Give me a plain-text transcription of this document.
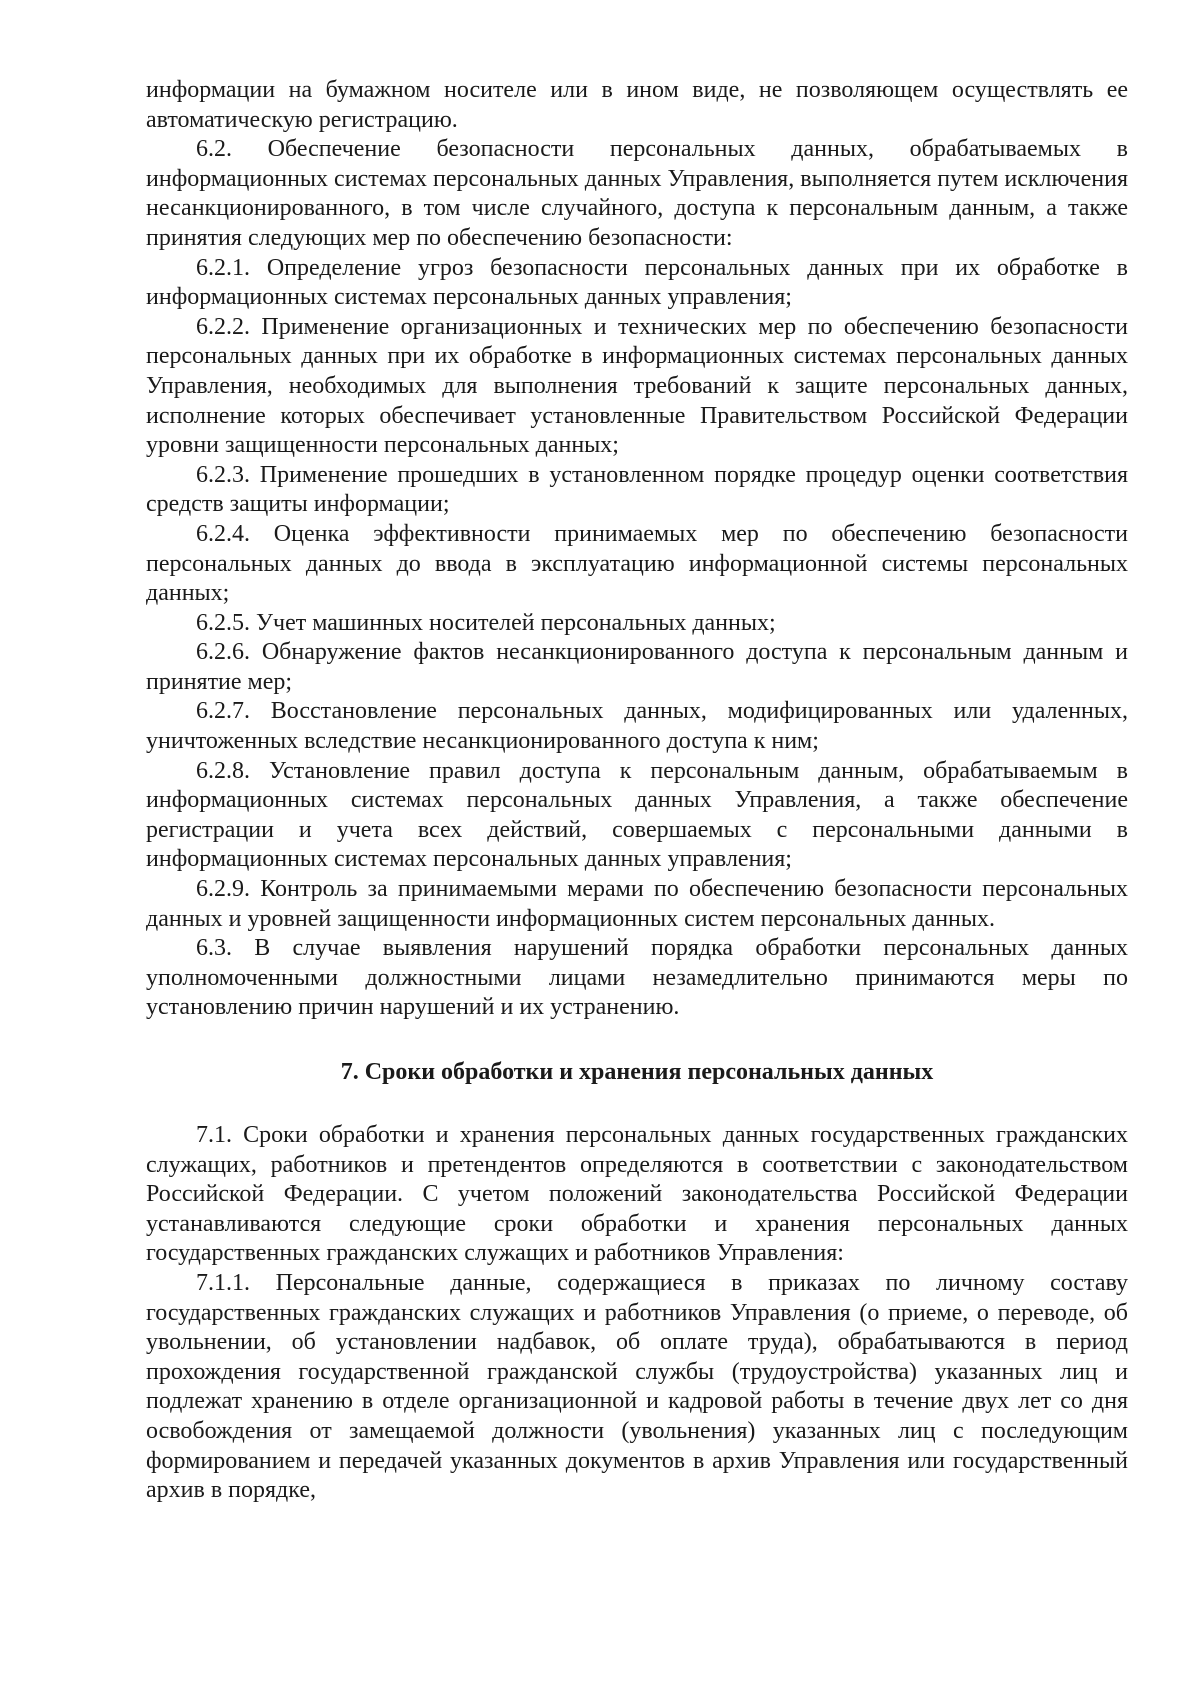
информации на бумажном носителе или в ином виде, не позволяющем осуществлять ее автоматическую регистрацию.

6.2. Обеспечение безопасности персональных данных, обрабатываемых в информационных системах персональных данных Управления, выполняется путем исключения несанкционированного, в том числе случайного, доступа к персональным данным, а также принятия следующих мер по обеспечению безопасности:

6.2.1. Определение угроз безопасности персональных данных при их обработке в информационных системах персональных данных управления;

6.2.2. Применение организационных и технических мер по обеспечению безопасности персональных данных при их обработке в информационных системах персональных данных Управления, необходимых для выполнения требований к защите персональных данных, исполнение которых обеспечивает установленные Правительством Российской Федерации уровни защищенности персональных данных;

6.2.3. Применение прошедших в установленном порядке процедур оценки соответствия средств защиты информации;

6.2.4. Оценка эффективности принимаемых мер по обеспечению безопасности персональных данных до ввода в эксплуатацию информационной системы персональных данных;

6.2.5. Учет машинных носителей персональных данных;

6.2.6. Обнаружение фактов несанкционированного доступа к персональным данным и принятие мер;

6.2.7. Восстановление персональных данных, модифицированных или удаленных, уничтоженных вследствие несанкционированного доступа к ним;

6.2.8. Установление правил доступа к персональным данным, обрабатываемым в информационных системах персональных данных Управления, а также обеспечение регистрации и учета всех действий, совершаемых с персональными данными в информационных системах персональных данных управления;

6.2.9. Контроль за принимаемыми мерами по обеспечению безопасности персональных данных и уровней защищенности информационных систем персональных данных.

6.3. В случае выявления нарушений порядка обработки персональных данных уполномоченными должностными лицами незамедлительно принимаются меры по установлению причин нарушений и их устранению.

7. Сроки обработки и хранения персональных данных

7.1. Сроки обработки и хранения персональных данных государственных гражданских служащих, работников и претендентов определяются в соответствии с законодательством Российской Федерации. С учетом положений законодательства Российской Федерации устанавливаются следующие сроки обработки и хранения персональных данных государственных гражданских служащих и работников Управления:

7.1.1. Персональные данные, содержащиеся в приказах по личному составу государственных гражданских служащих и работников Управления (о приеме, о переводе, об увольнении, об установлении надбавок, об оплате труда), обрабатываются в период прохождения государственной гражданской службы (трудоустройства) указанных лиц и подлежат хранению в отделе организационной и кадровой работы в течение двух лет со дня освобождения от замещаемой должности (увольнения) указанных лиц с последующим формированием и передачей указанных документов в архив Управления или государственный архив в порядке,
